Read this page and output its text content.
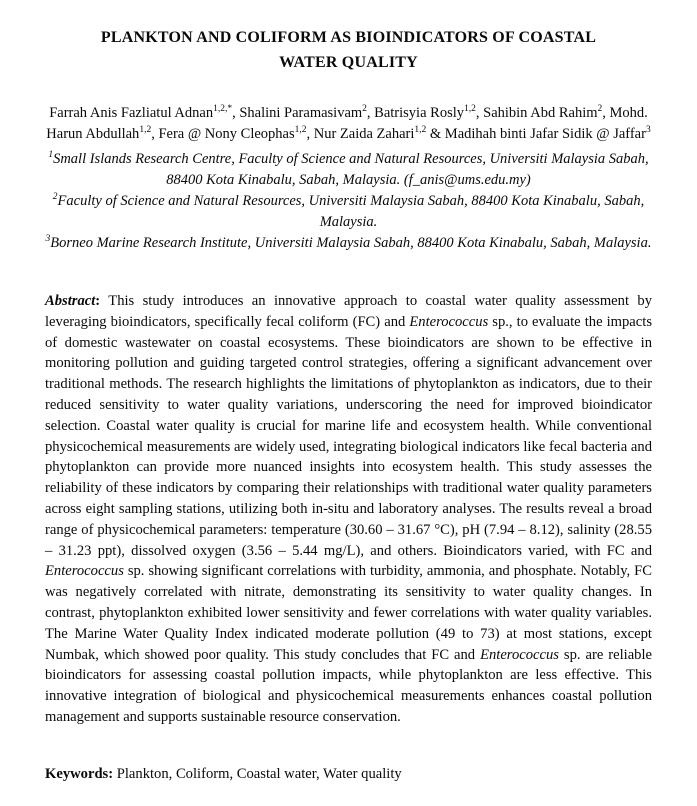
PLANKTON AND COLIFORM AS BIOINDICATORS OF COASTAL
WATER QUALITY

Farrah Anis Fazliatul Adnan$^{1,2,*}$, Shalini Paramasivam$^2$, Batrisyia Rosly$^{1,2}$, Sahibin Abd Rahim$^2$, Mohd. Harun Abdullah$^{1,2}$, Fera @ Nony Cleophas$^{1,2}$, Nur Zaida Zahari$^{1,2}$ & Madihah binti Jafar Sidik @ Jaffar$^3$

$^1$Small Islands Research Centre, Faculty of Science and Natural Resources, Universiti Malaysia Sabah, 88400 Kota Kinabalu, Sabah, Malaysia. (f_anis@ums.edu.my)

$^2$Faculty of Science and Natural Resources, Universiti Malaysia Sabah, 88400 Kota Kinabalu, Sabah, Malaysia.

$^3$Borneo Marine Research Institute, Universiti Malaysia Sabah, 88400 Kota Kinabalu, Sabah, Malaysia.

Abstract: This study introduces an innovative approach to coastal water quality assessment by leveraging bioindicators, specifically fecal coliform (FC) and Enterococcus sp., to evaluate the impacts of domestic wastewater on coastal ecosystems. These bioindicators are shown to be effective in monitoring pollution and guiding targeted control strategies, offering a significant advancement over traditional methods. The research highlights the limitations of phytoplankton as indicators, due to their reduced sensitivity to water quality variations, underscoring the need for improved bioindicator selection. Coastal water quality is crucial for marine life and ecosystem health. While conventional physicochemical measurements are widely used, integrating biological indicators like fecal bacteria and phytoplankton can provide more nuanced insights into ecosystem health. This study assesses the reliability of these indicators by comparing their relationships with traditional water quality parameters across eight sampling stations, utilizing both in-situ and laboratory analyses. The results reveal a broad range of physicochemical parameters: temperature (30.60 – 31.67 °C), pH (7.94 – 8.12), salinity (28.55 – 31.23 ppt), dissolved oxygen (3.56 – 5.44 mg/L), and others. Bioindicators varied, with FC and Enterococcus sp. showing significant correlations with turbidity, ammonia, and phosphate. Notably, FC was negatively correlated with nitrate, demonstrating its sensitivity to water quality changes. In contrast, phytoplankton exhibited lower sensitivity and fewer correlations with water quality variables. The Marine Water Quality Index indicated moderate pollution (49 to 73) at most stations, except Numbak, which showed poor quality. This study concludes that FC and Enterococcus sp. are reliable bioindicators for assessing coastal pollution impacts, while phytoplankton are less effective. This innovative integration of biological and physicochemical measurements enhances coastal pollution management and supports sustainable resource conservation.

Keywords: Plankton, Coliform, Coastal water, Water quality
